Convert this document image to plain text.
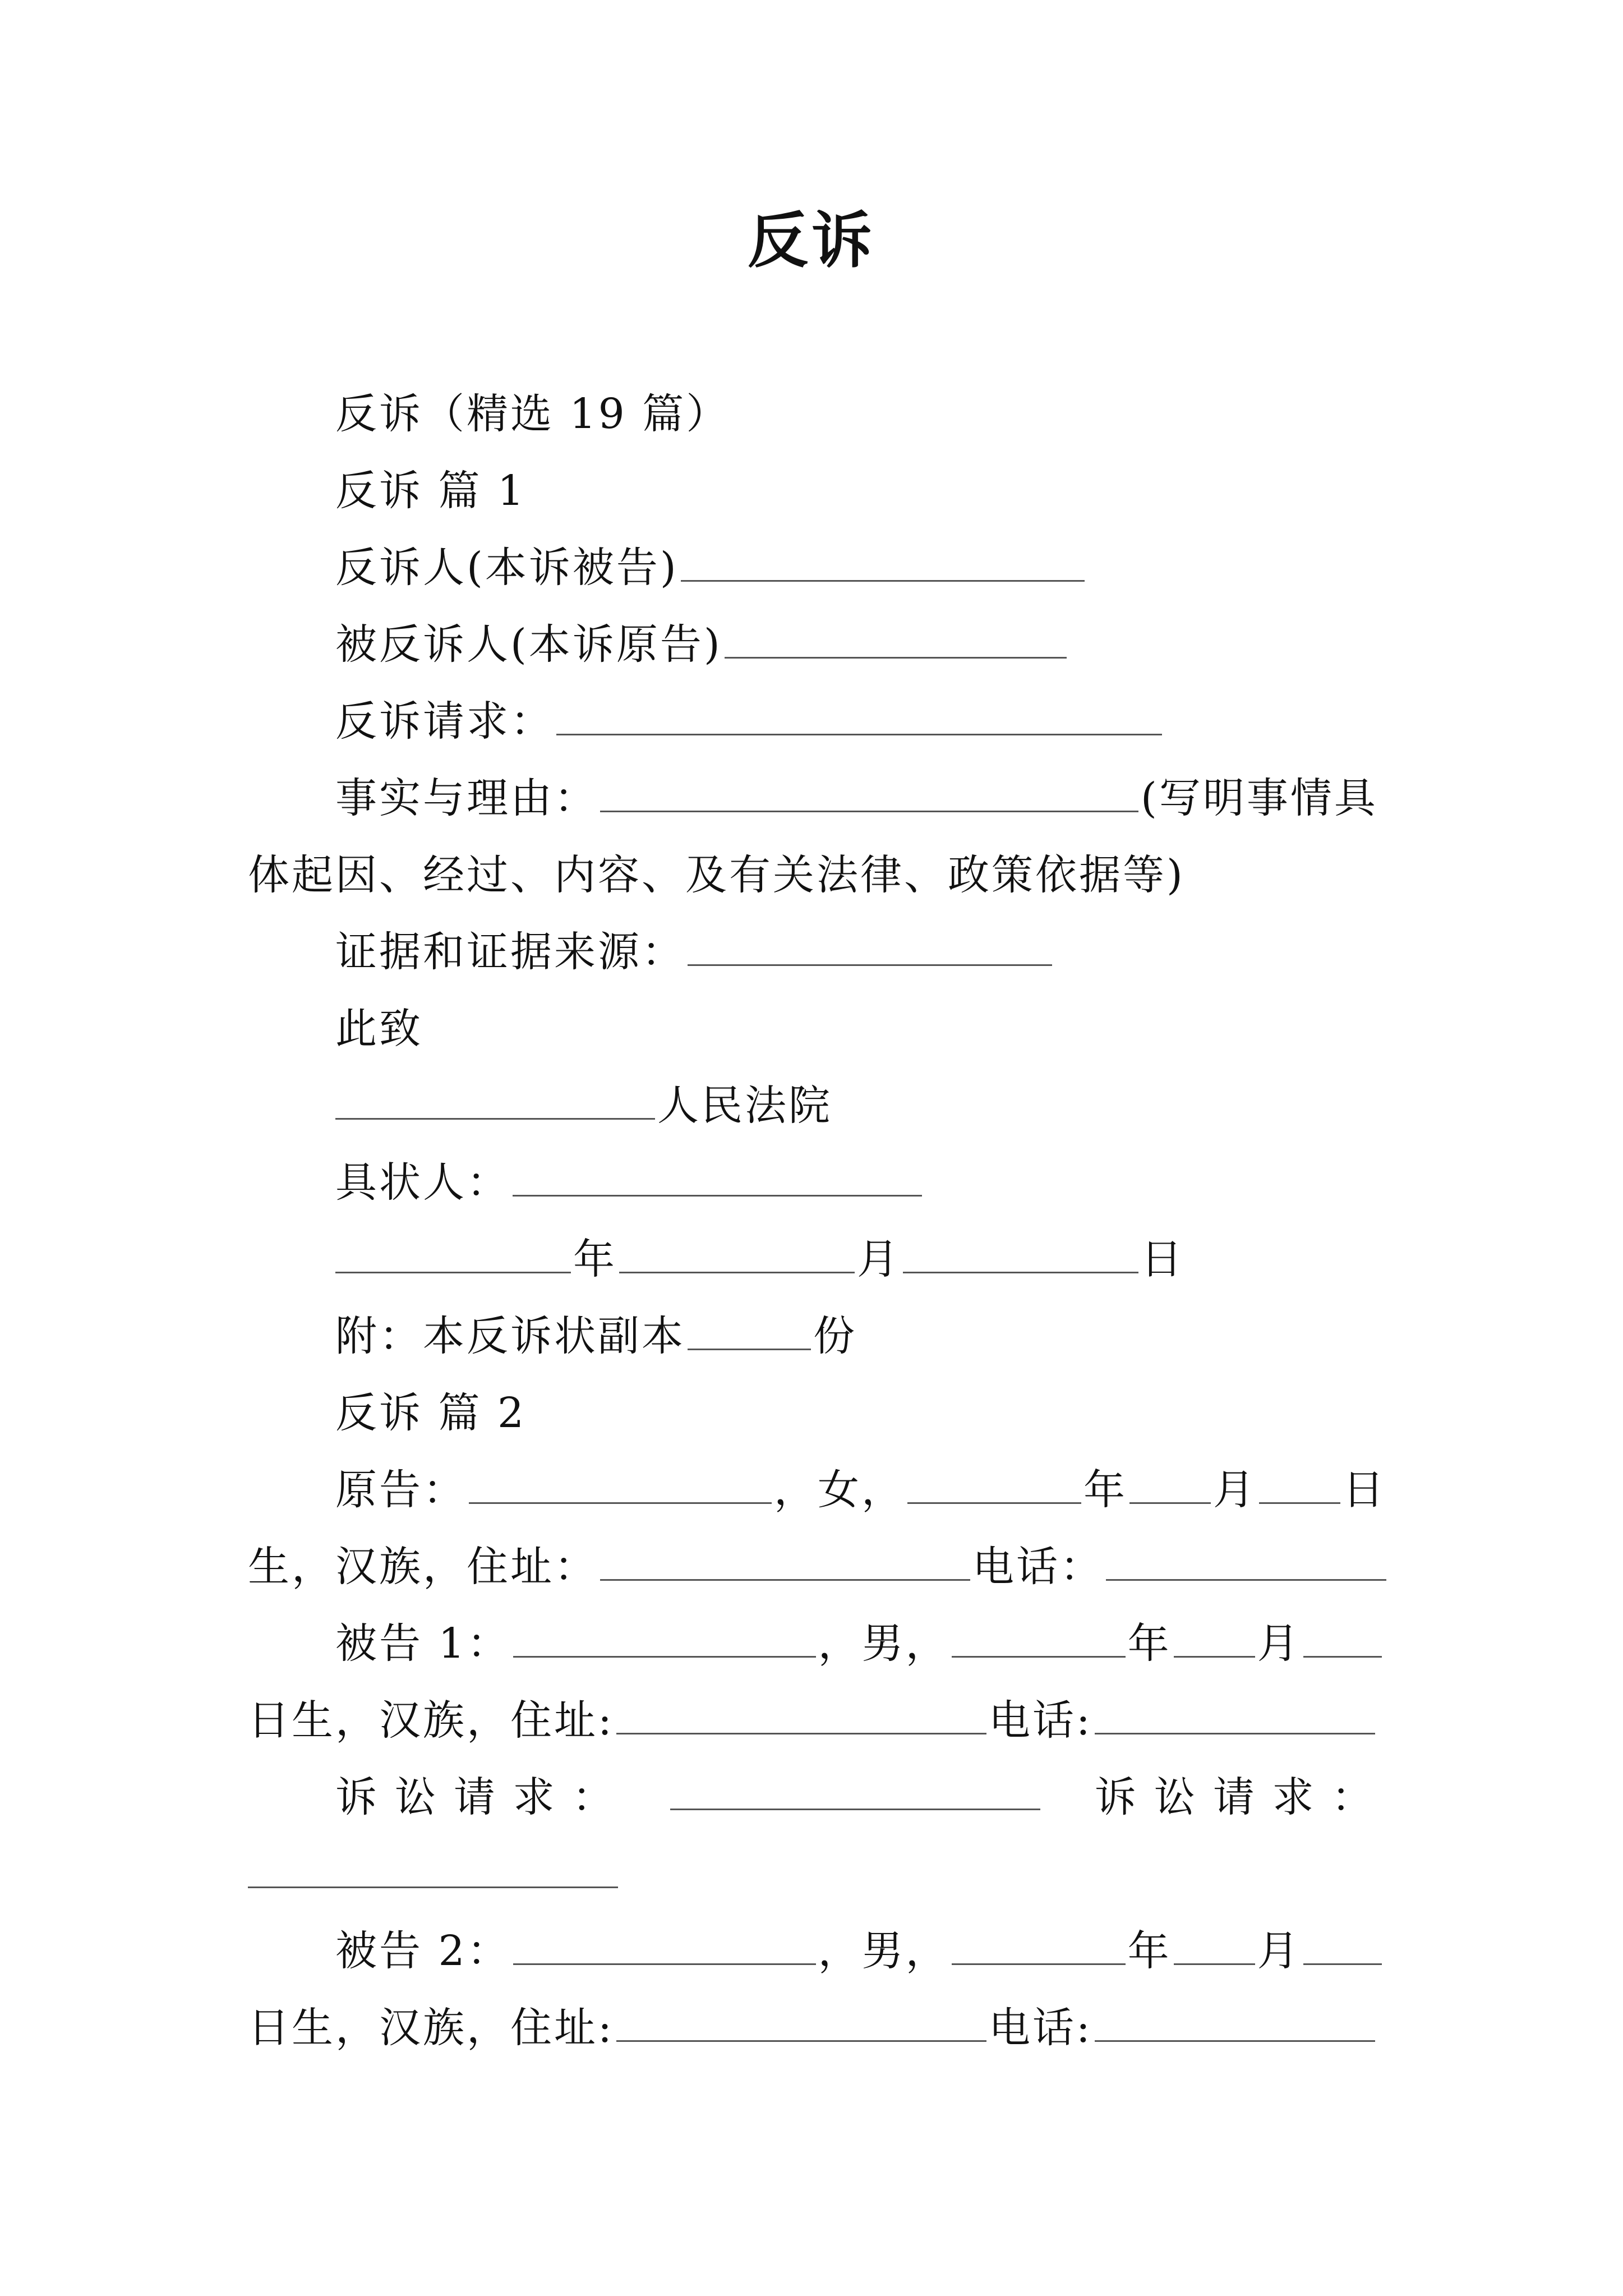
反诉
反诉（精选 19 篇）
反诉 篇 1
反诉人(本诉被告)
被反诉人(本诉原告)
反诉请求：
事实与理由：	(写明事情具
体起因、经过、内容、及有关法律、政策依据等)
证据和证据来源：
此致
人民法院
具状人：
年	月	日
附：本反诉状副本	份
反诉 篇 2
原告：	，女，	年 月 日
生，汉族，住址：	电话：
被告 1：	，男，	年 月
日生，汉族，住址:	电话:
诉 讼 请 求 ：	诉 讼 请 求 ：
被告 2：	，男，	年 月
日生，汉族，住址:	电话:
